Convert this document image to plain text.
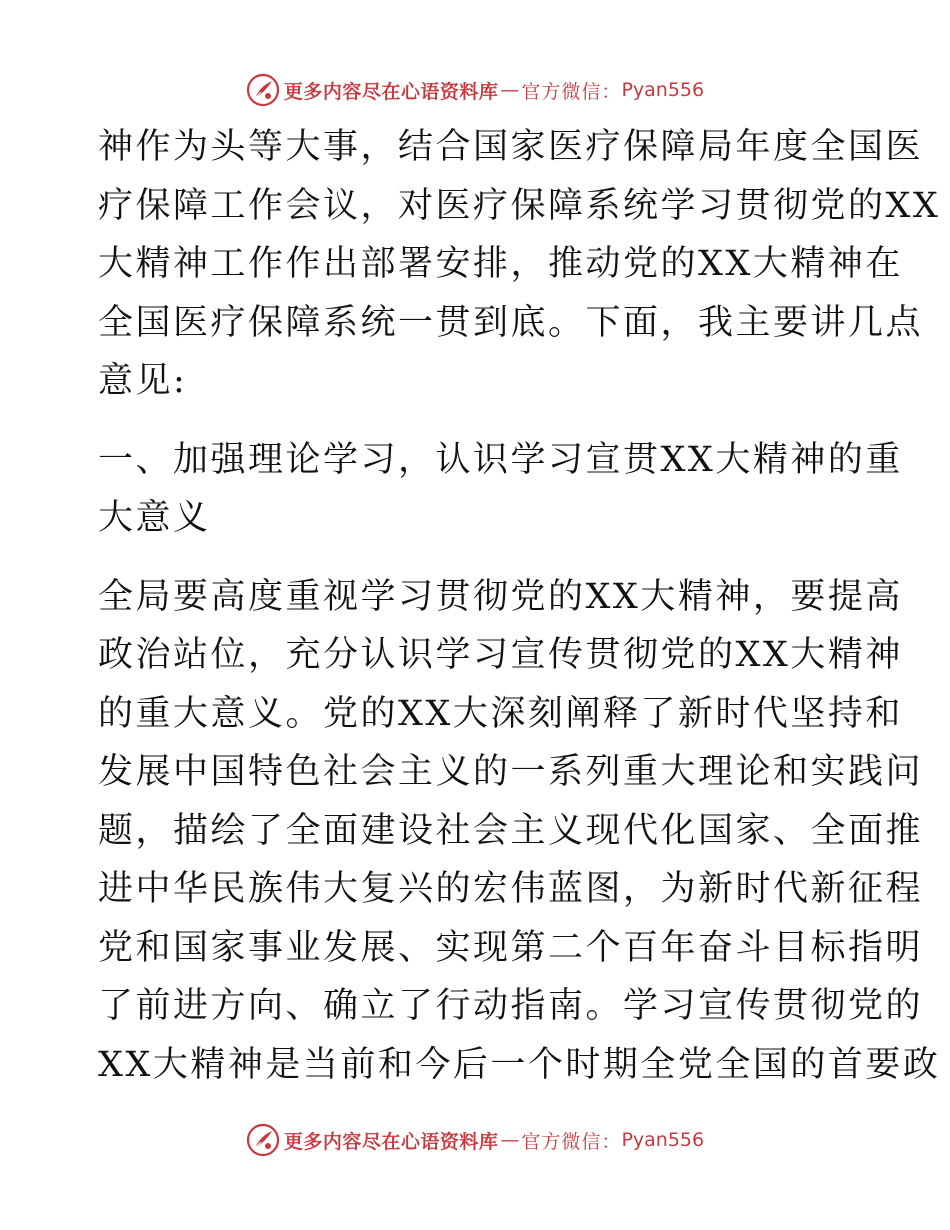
更多内容尽在心语资料库 — 官方微信： Pyan556
神作为头等大事，结合国家医疗保障局年度全国医
疗保障工作会议，对医疗保障系统学习贯彻党的XX
大精神工作作出部署安排，推动党的XX大精神在
全国医疗保障系统一贯到底。下面，我主要讲几点
意见:
一、加强理论学习，认识学习宣贯XX大精神的重
大意义
全局要高度重视学习贯彻党的XX大精神，要提高
政治站位，充分认识学习宣传贯彻党的XX大精神
的重大意义。党的XX大深刻阐释了新时代坚持和
发展中国特色社会主义的一系列重大理论和实践问
题，描绘了全面建设社会主义现代化国家、全面推
进中华民族伟大复兴的宏伟蓝图，为新时代新征程
党和国家事业发展、实现第二个百年奋斗目标指明
了前进方向、确立了行动指南。学习宣传贯彻党的
XX大精神是当前和今后一个时期全党全国的首要政
更多内容尽在心语资料库 — 官方微信： Pyan556
